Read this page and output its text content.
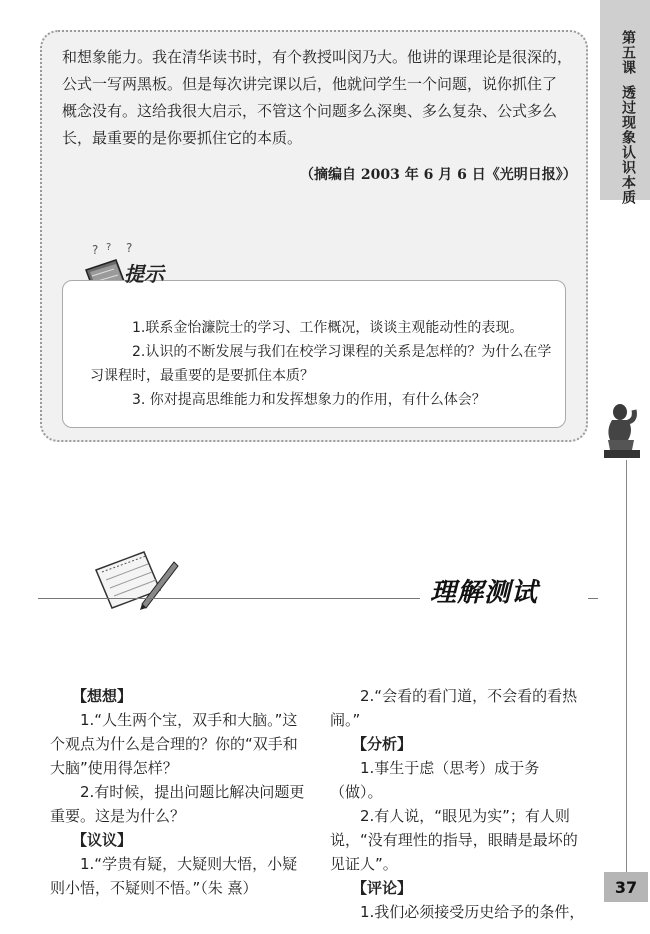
第五课透过现象认识本质
37

和想象能力。我在清华读书时，有个教授叫闵乃大。他讲的课理论是很深的，

公式一写两黑板。但是每次讲完课以后，他就问学生一个问题，说你抓住了

概念没有。这给我很大启示，不管这个问题多么深奥、多么复杂、公式多么

长，最重要的是你要抓住它的本质。

（摘编自 2003 年 6 月 6 日《光明日报》）
? ? ?
提示
1.联系金怡濂院士的学习、工作概况，谈谈主观能动性的表现。
2.认识的不断发展与我们在校学习课程的关系是怎样的？为什么在学习课程时，最重要的是要抓住本质？
3. 你对提高思维能力和发挥想象力的作用，有什么体会？
理解测试
【想想】
1.“人生两个宝，双手和大脑。”这个观点为什么是合理的？你的“双手和大脑”使用得怎样？
2.有时候，提出问题比解决问题更重要。这是为什么？
【议议】
1.“学贵有疑，大疑则大悟，小疑则小悟，不疑则不悟。”（朱 熹）
2.“会看的看门道，不会看的看热闹。”
【分析】
1.事生于虑（思考）成于务（做）。
2.有人说，“眼见为实”；有人则说，“没有理性的指导，眼睛是最坏的见证人”。
【评论】
1.我们必须接受历史给予的条件，
